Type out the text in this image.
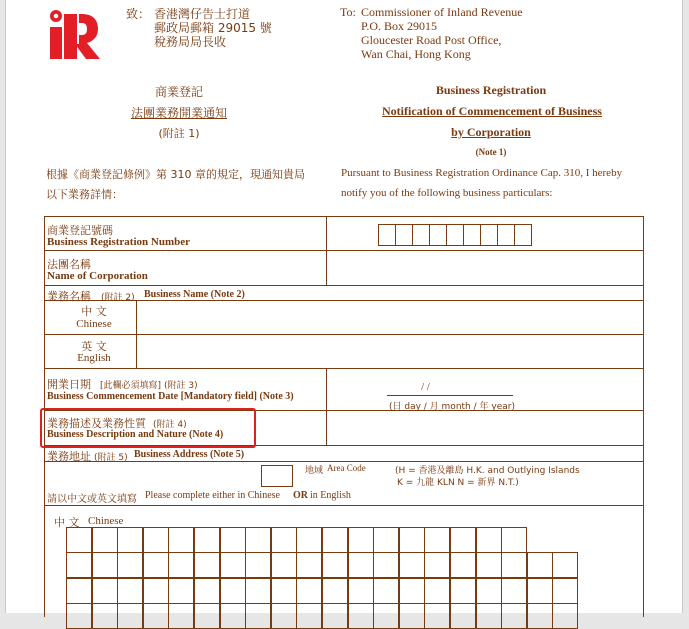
致： 香港灣仔告士打道
郵政局郵箱 29015 號
稅務局局長收
To: Commissioner of Inland Revenue
P.O. Box 29015
Gloucester Road Post Office,
Wan Chai, Hong Kong
商業登記
法團業務開業通知
(附註 1)
Business Registration
Notification of Commencement of Business
by Corporation
(Note 1)
根據《商業登記條例》第 310 章的規定，現通知貴局
以下業務詳情：
Pursuant to Business Registration Ordinance Cap. 310, I hereby
notify you of the following business particulars:
商業登記號碼
Business Registration Number
法團名稱
Name of Corporation
業務名稱 (附註 2) Business Name (Note 2)
中 文
Chinese
英 文
English
開業日期 [此欄必須填寫] (附註 3)
Business Commencement Date [Mandatory field] (Note 3)
/ /
(日 day / 月 month / 年 year)
業務描述及業務性質 (附註 4)
Business Description and Nature (Note 4)
業務地址 (附註 5) Business Address (Note 5)
地域 Area Code	(H = 香港及離島 H.K. and Outlying Islands
K = 九龍 KLN N = 新界 N.T.)
請以中文或英文填寫 Please complete either in Chinese OR in English
中 文 Chinese
